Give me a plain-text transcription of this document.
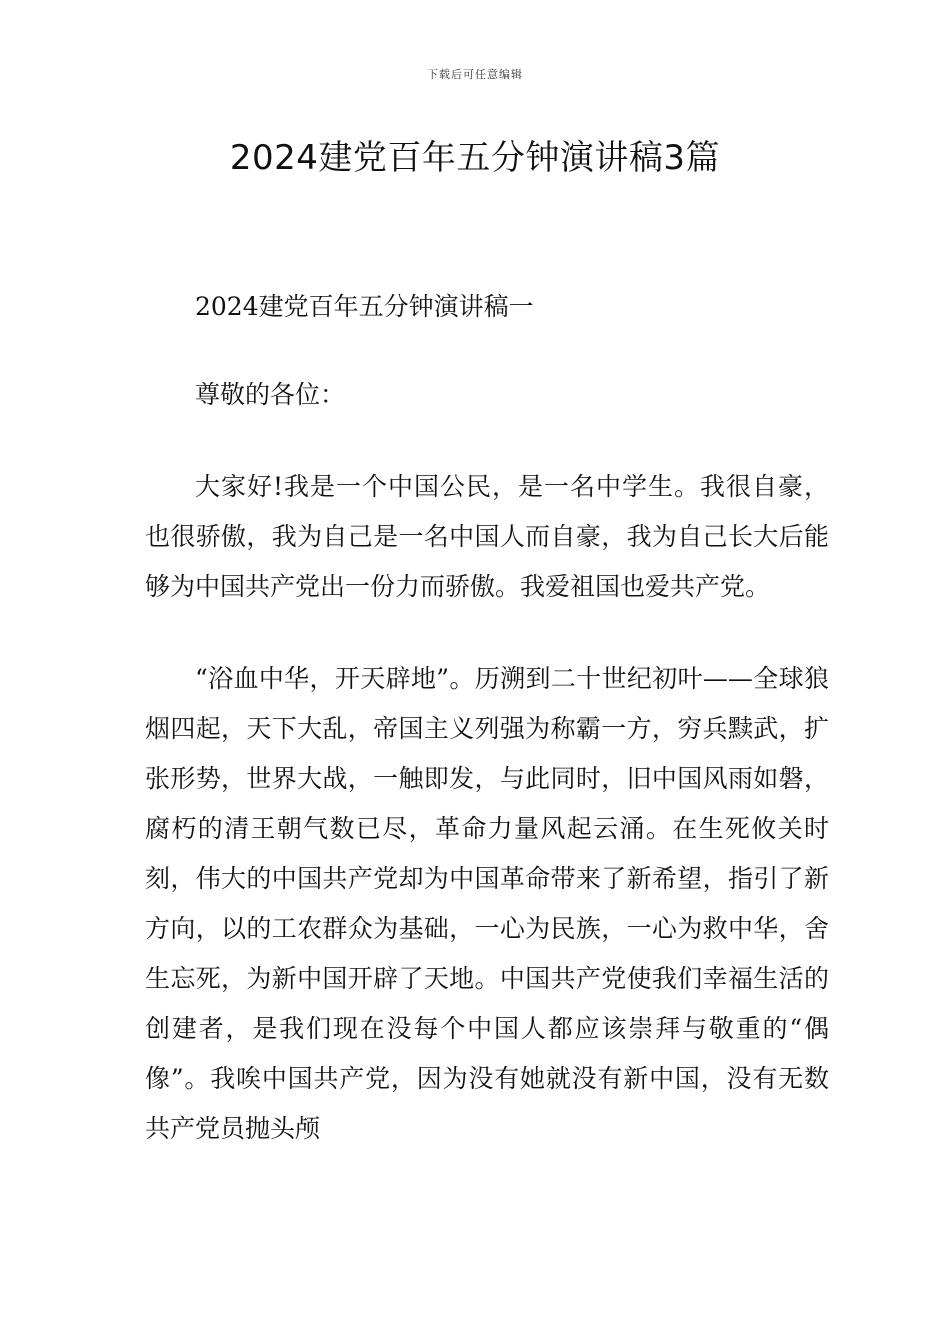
下载后可任意编辑
2024建党百年五分钟演讲稿3篇

2024建党百年五分钟演讲稿一

尊敬的各位：

大家好!我是一个中国公民，是一名中学生。我很自豪，也很骄傲，我为自己是一名中国人而自豪，我为自己长大后能够为中国共产党出一份力而骄傲。我爱祖国也爱共产党。

“浴血中华，开天辟地”。历溯到二十世纪初叶——全球狼烟四起，天下大乱，帝国主义列强为称霸一方，穷兵黩武，扩张形势，世界大战，一触即发，与此同时，旧中国风雨如磐，腐朽的清王朝气数已尽，革命力量风起云涌。在生死攸关时刻，伟大的中国共产党却为中国革命带来了新希望，指引了新方向，以的工农群众为基础，一心为民族，一心为救中华，舍生忘死，为新中国开辟了天地。中国共产党使我们幸福生活的创建者，是我们现在没每个中国人都应该崇拜与敬重的“偶像”。我唉中国共产党，因为没有她就没有新中国，没有无数共产党员抛头颅
